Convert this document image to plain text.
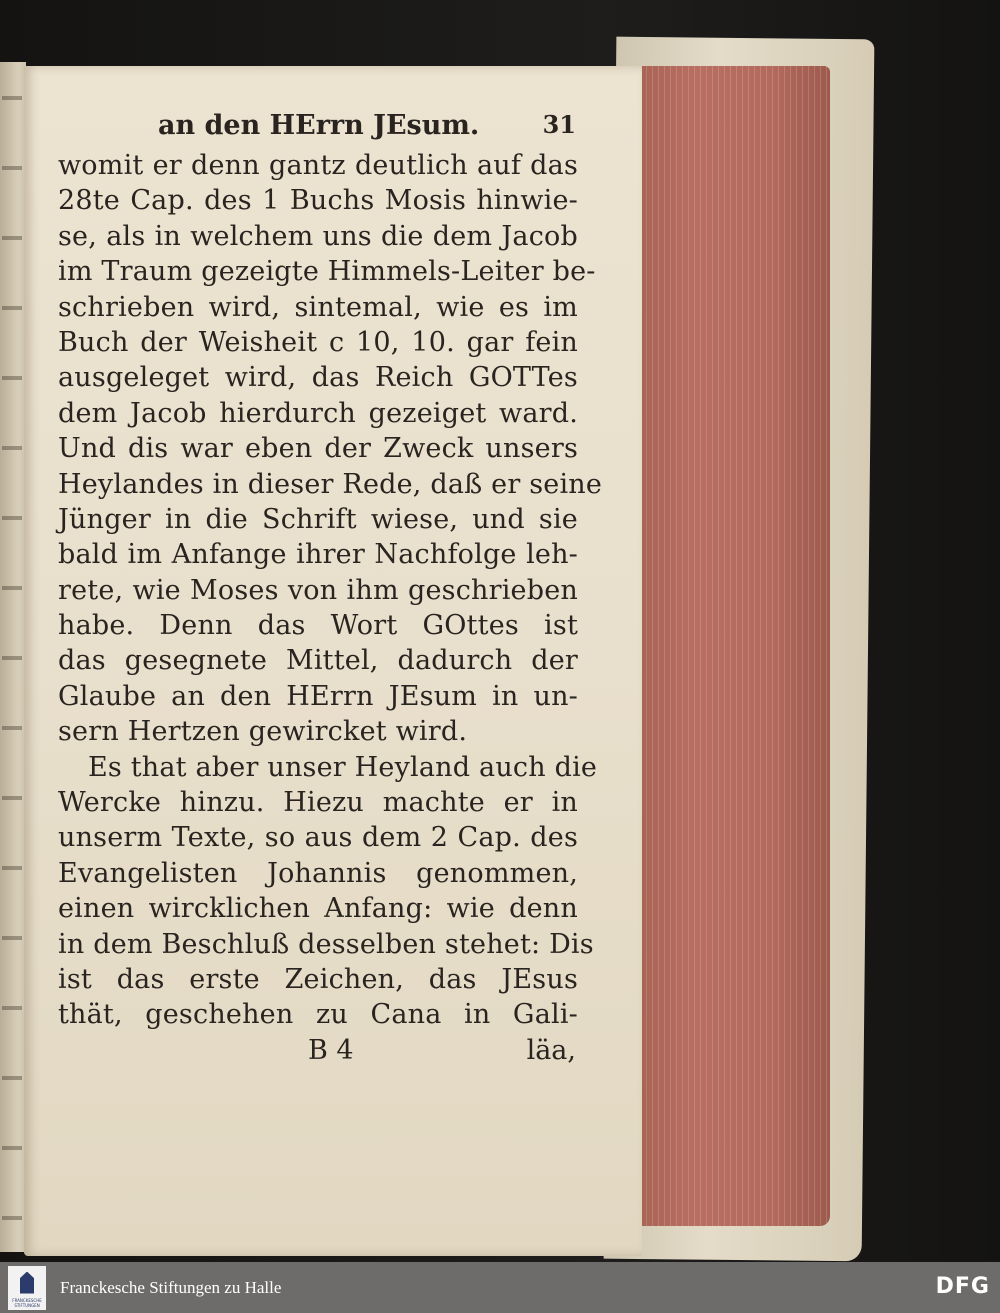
an den HErrn JEsum.	31
womit er denn gantz deutlich auf das
28te Cap. des 1 Buchs Mosis hinwie-
se, als in welchem uns die dem Jacob
im Traum gezeigte Himmels-Leiter be-
schrieben wird, sintemal, wie es im
Buch der Weisheit c 10, 10. gar fein
ausgeleget wird, das Reich GOTTes
dem Jacob hierdurch gezeiget ward.
Und dis war eben der Zweck unsers
Heylandes in dieser Rede, daß er seine
Jünger in die Schrift wiese, und sie
bald im Anfange ihrer Nachfolge leh-
rete, wie Moses von ihm geschrieben
habe. Denn das Wort GOttes ist
das gesegnete Mittel, dadurch der
Glaube an den HErrn JEsum in un-
sern Hertzen gewircket wird.
Es that aber unser Heyland auch die
Wercke hinzu. Hiezu machte er in
unserm Texte, so aus dem 2 Cap. des
Evangelisten Johannis genommen,
einen wircklichen Anfang: wie denn
in dem Beschluß desselben stehet: Dis
ist das erste Zeichen, das JEsus
thät, geschehen zu Cana in Gali-
B 4	läa,
FRANCKESCHE STIFTUNGEN
Franckesche Stiftungen zu Halle	DFG
